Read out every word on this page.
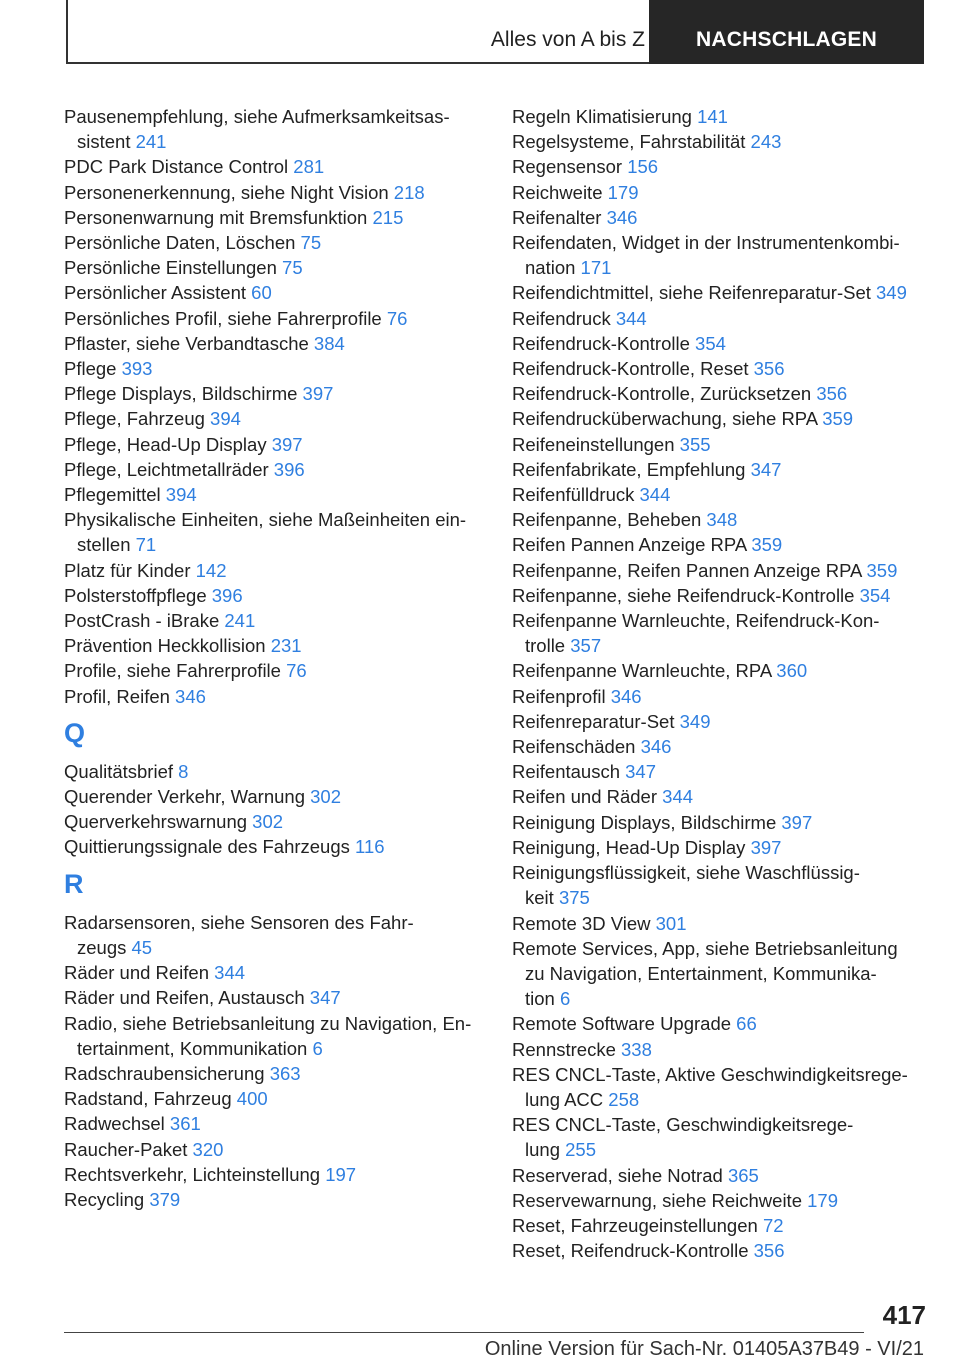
Alles von A bis Z	NACHSCHLAGEN
Pausenempfehlung, siehe Aufmerksamkeitsas-
sistent 241
PDC Park Distance Control 281
Personenerkennung, siehe Night Vision 218
Personenwarnung mit Bremsfunktion 215
Persönliche Daten, Löschen 75
Persönliche Einstellungen 75
Persönlicher Assistent 60
Persönliches Profil, siehe Fahrerprofile 76
Pflaster, siehe Verbandtasche 384
Pflege 393
Pflege Displays, Bildschirme 397
Pflege, Fahrzeug 394
Pflege, Head-Up Display 397
Pflege, Leichtmetallräder 396
Pflegemittel 394
Physikalische Einheiten, siehe Maßeinheiten ein-
stellen 71
Platz für Kinder 142
Polsterstoffpflege 396
PostCrash - iBrake 241
Prävention Heckkollision 231
Profile, siehe Fahrerprofile 76
Profil, Reifen 346
Q
Qualitätsbrief 8
Querender Verkehr, Warnung 302
Querverkehrswarnung 302
Quittierungssignale des Fahrzeugs 116
R
Radarsensoren, siehe Sensoren des Fahr-
zeugs 45
Räder und Reifen 344
Räder und Reifen, Austausch 347
Radio, siehe Betriebsanleitung zu Navigation, En-
tertainment, Kommunikation 6
Radschraubensicherung 363
Radstand, Fahrzeug 400
Radwechsel 361
Raucher-Paket 320
Rechtsverkehr, Lichteinstellung 197
Recycling 379
Regeln Klimatisierung 141
Regelsysteme, Fahrstabilität 243
Regensensor 156
Reichweite 179
Reifenalter 346
Reifendaten, Widget in der Instrumentenkombi-
nation 171
Reifendichtmittel, siehe Reifenreparatur-Set 349
Reifendruck 344
Reifendruck-Kontrolle 354
Reifendruck-Kontrolle, Reset 356
Reifendruck-Kontrolle, Zurücksetzen 356
Reifendrucküberwachung, siehe RPA 359
Reifeneinstellungen 355
Reifenfabrikate, Empfehlung 347
Reifenfülldruck 344
Reifenpanne, Beheben 348
Reifen Pannen Anzeige RPA 359
Reifenpanne, Reifen Pannen Anzeige RPA 359
Reifenpanne, siehe Reifendruck-Kontrolle 354
Reifenpanne Warnleuchte, Reifendruck-Kon-
trolle 357
Reifenpanne Warnleuchte, RPA 360
Reifenprofil 346
Reifenreparatur-Set 349
Reifenschäden 346
Reifentausch 347
Reifen und Räder 344
Reinigung Displays, Bildschirme 397
Reinigung, Head-Up Display 397
Reinigungsflüssigkeit, siehe Waschflüssig-
keit 375
Remote 3D View 301
Remote Services, App, siehe Betriebsanleitung
zu Navigation, Entertainment, Kommunika-
tion 6
Remote Software Upgrade 66
Rennstrecke 338
RES CNCL-Taste, Aktive Geschwindigkeitsrege-
lung ACC 258
RES CNCL-Taste, Geschwindigkeitsrege-
lung 255
Reserverad, siehe Notrad 365
Reservewarnung, siehe Reichweite 179
Reset, Fahrzeugeinstellungen 72
Reset, Reifendruck-Kontrolle 356
417
Online Version für Sach-Nr. 01405A37B49 - VI/21
